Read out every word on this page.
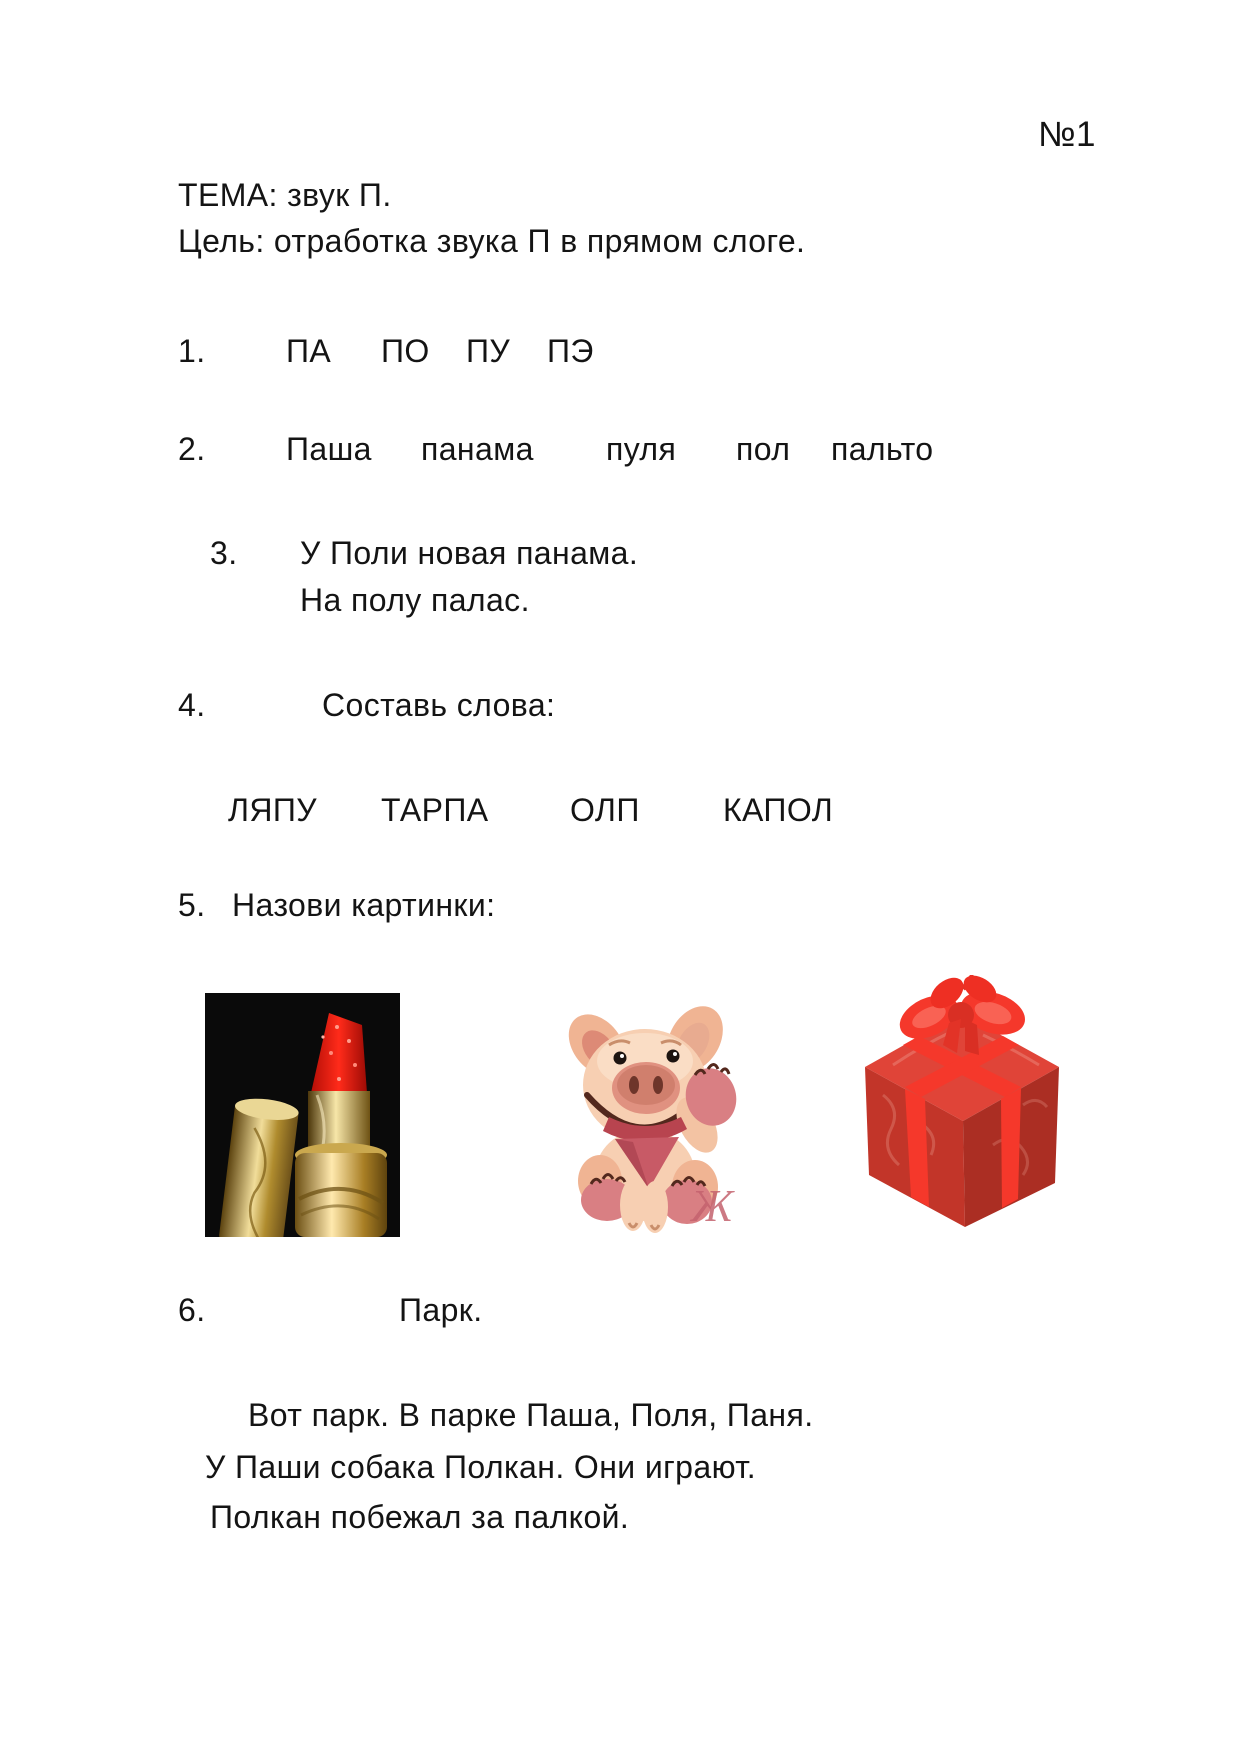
№1
ТЕМА: звук П.
Цель: отработка звука П в прямом слоге.
1.	ПА ПО ПУ ПЭ
2.	Паша панама пуля пол пальто
3. У Поли новая панама.
На полу палас.
4.	Составь слова:
ЛЯПУ ТАРПА	ОЛП	КАПОЛ
5. Назови картинки:
Ж
6.	Парк.
Вот парк. В парке Паша, Поля, Паня.
У Паши собака Полкан. Они играют.
Полкан побежал за палкой.
